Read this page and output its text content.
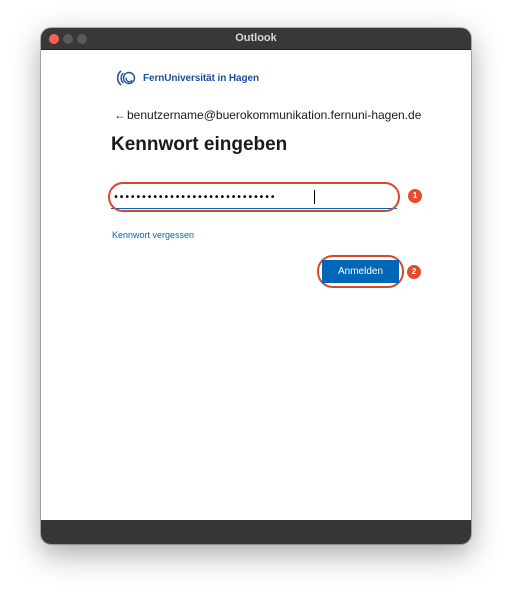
Outlook
FernUniversität in Hagen
← benutzername@buerokommunikation.fernuni-hagen.de
Kennwort eingeben
•••••••••••••••••••••••••••••
1
Kennwort vergessen
Anmelden	2
